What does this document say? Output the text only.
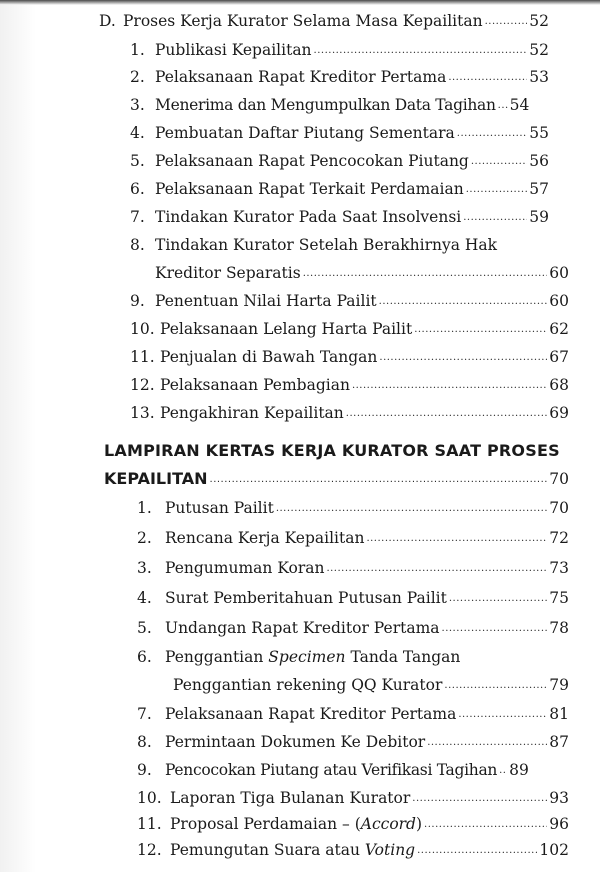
D. Proses Kerja Kurator Selama Masa Kepailitan .....	52
1. Publikasi Kepailitan .....	52
2. Pelaksanaan Rapat Kreditor Pertama .....	53
3. Menerima dan Mengumpulkan Data Tagihan ..... 54
4. Pembuatan Daftar Piutang Sementara .....	55
5. Pelaksanaan Rapat Pencocokan Piutang .....	56
6. Pelaksanaan Rapat Terkait Perdamaian .....	57
7. Tindakan Kurator Pada Saat Insolvensi .....	59
8. Tindakan Kurator Setelah Berakhirnya Hak
Kreditor Separatis .....	60
9. Penentuan Nilai Harta Pailit .....	60
10. Pelaksanaan Lelang Harta Pailit .....	62
11. Penjualan di Bawah Tangan .....	67
12. Pelaksanaan Pembagian .....	68
13. Pengakhiran Kepailitan .....	69
LAMPIRAN KERTAS KERJA KURATOR SAAT PROSES
KEPAILITAN .....	70
1. Putusan Pailit .....	70
2. Rencana Kerja Kepailitan .....	72
3. Pengumuman Koran .....	73
4. Surat Pemberitahuan Putusan Pailit .....	75
5. Undangan Rapat Kreditor Pertama .....	78
6. Penggantian Specimen Tanda Tangan
Penggantian rekening QQ Kurator .....	79
7. Pelaksanaan Rapat Kreditor Pertama .....	81
8. Permintaan Dokumen Ke Debitor .....	87
9. Pencocokan Piutang atau Verifikasi Tagihan ..... 89
10. Laporan Tiga Bulanan Kurator .....	93
11. Proposal Perdamaian – ( Accord ) .....	96
12. Pemungutan Suara atau Voting .....	102
